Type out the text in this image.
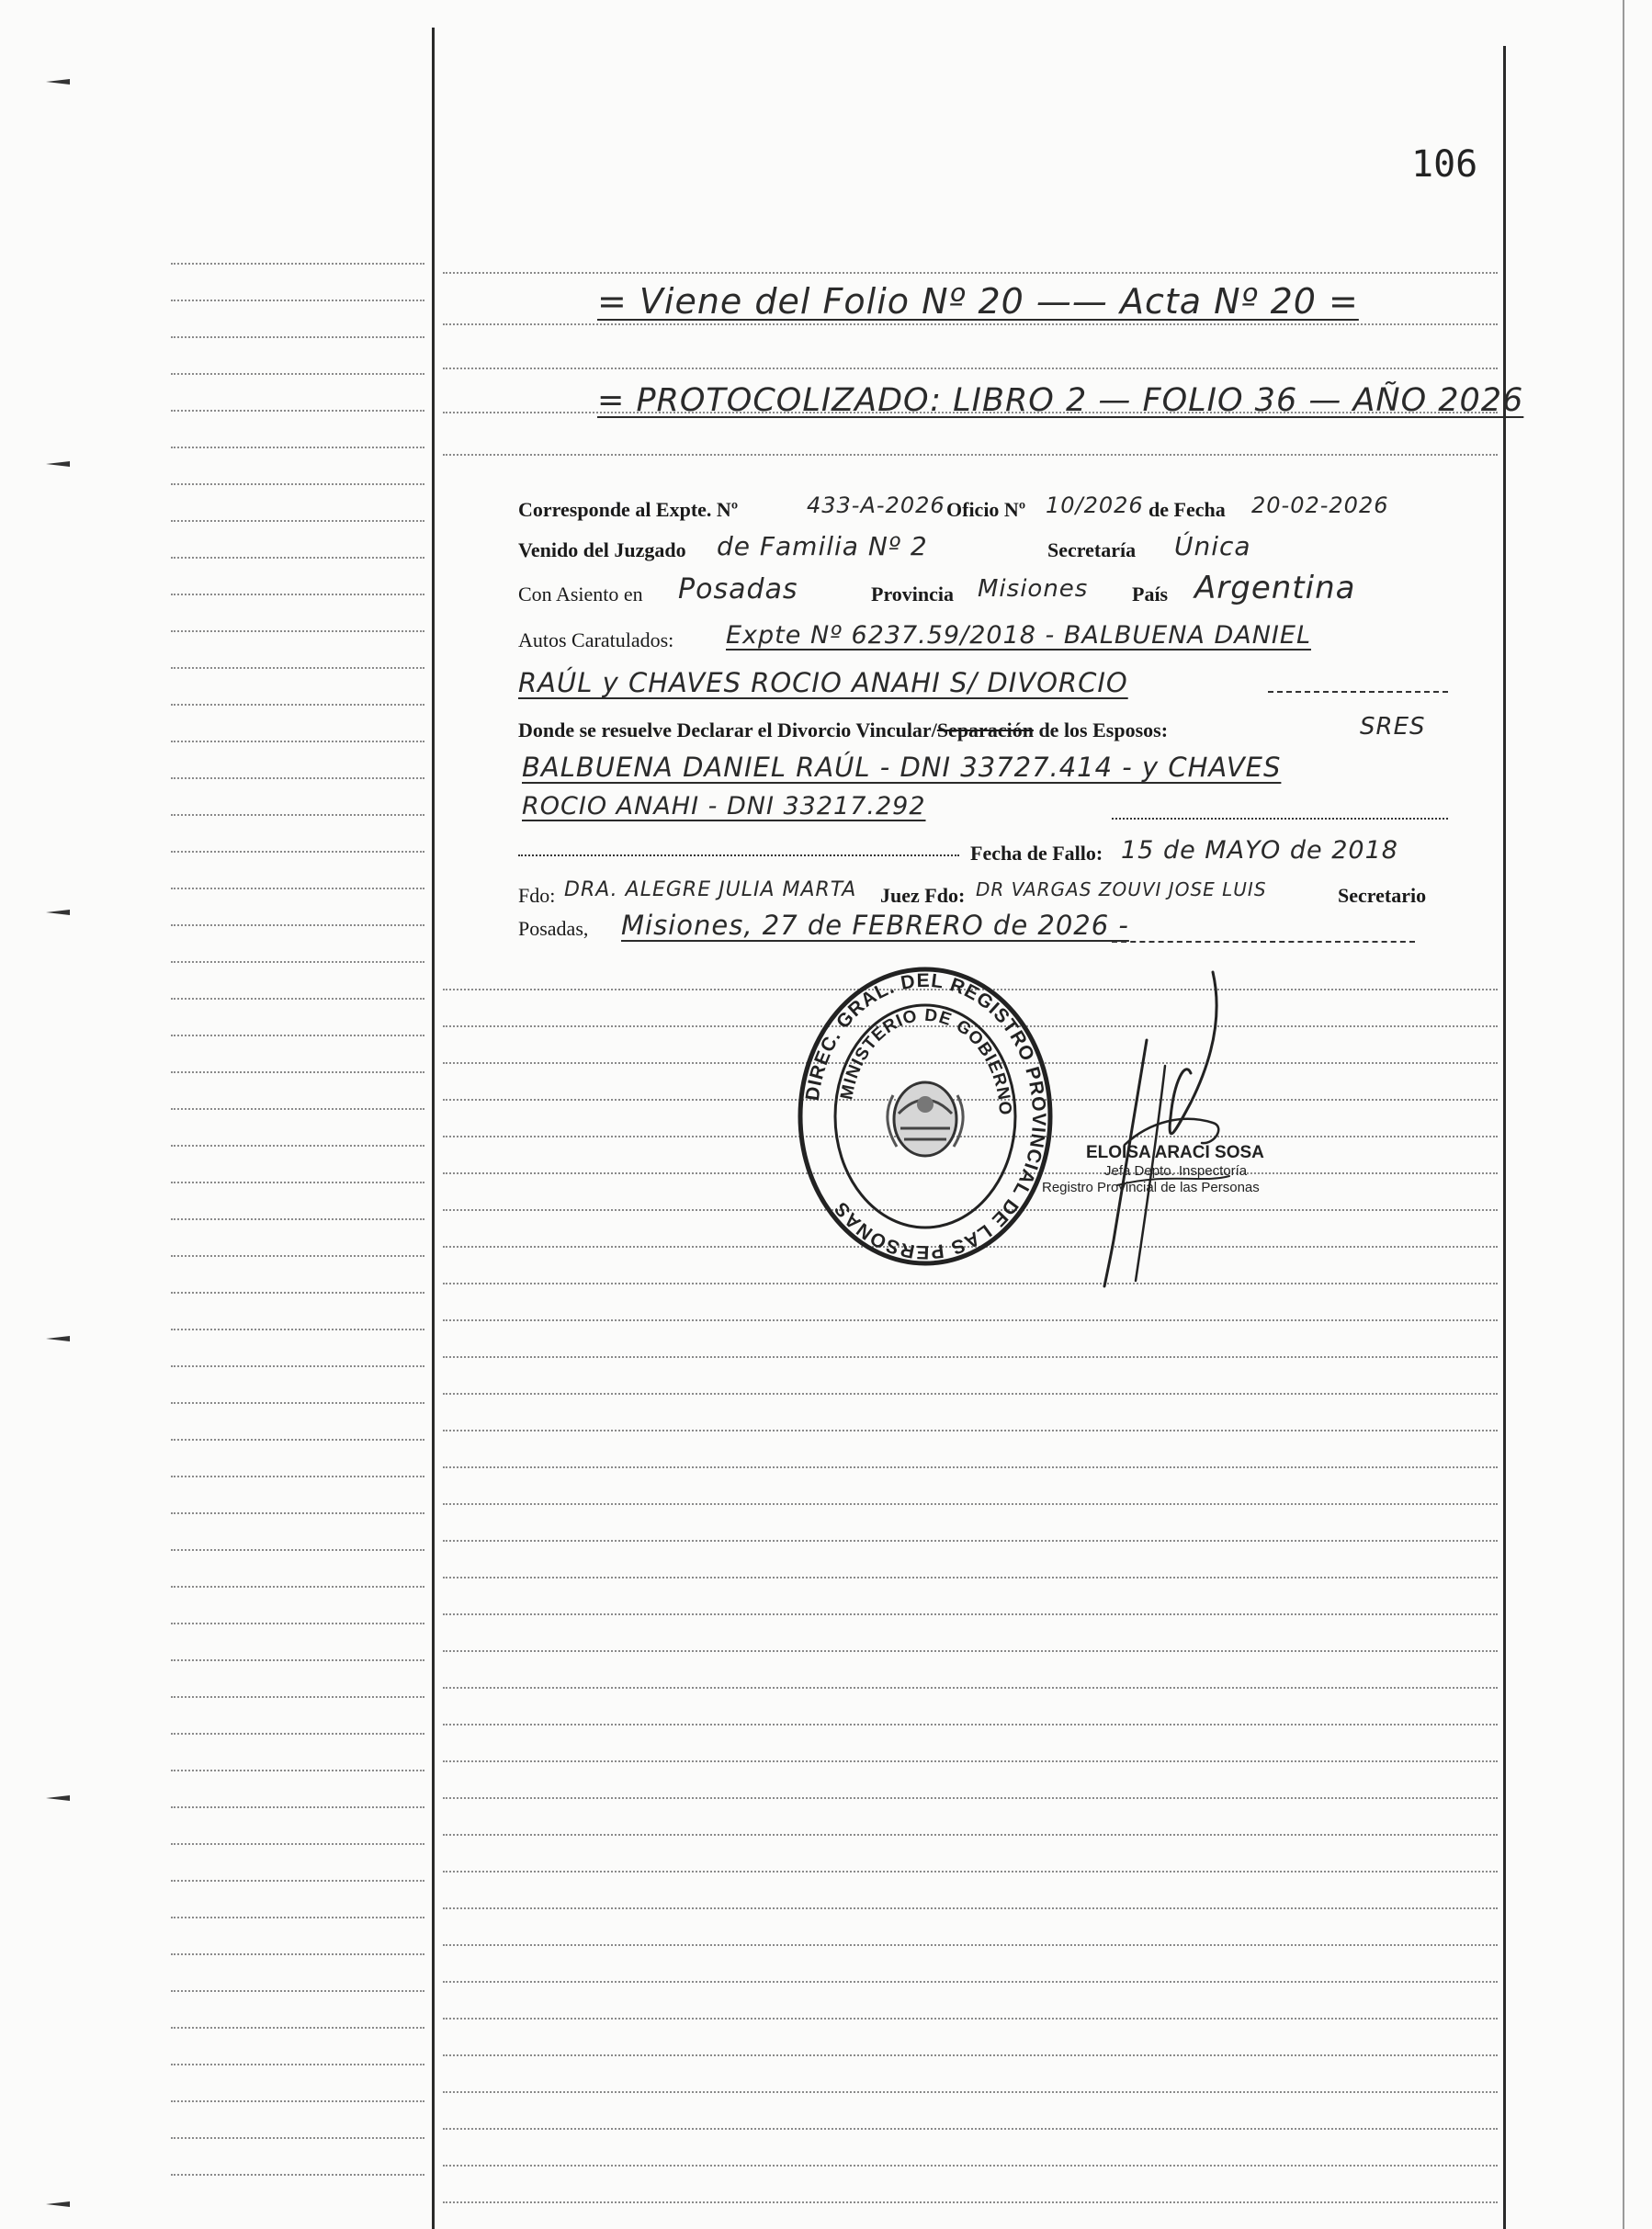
106
= Viene del Folio Nº 20 —— Acta Nº 20 =
= PROTOCOLIZADO: LIBRO 2 — FOLIO 36 — AÑO 2026
Corresponde al Expte. Nº	433-A-2026 Oficio Nº 10/2026 de Fecha 20-02-2026
Venido del Juzgado de Familia Nº 2	Secretaría Única
Con Asiento en Posadas	Provincia Misiones País Argentina
Autos Caratulados: Expte Nº 6237.59/2018 - BALBUENA DANIEL
RAÚL y CHAVES ROCIO ANAHI S/ DIVORCIO
Donde se resuelve Declarar el Divorcio Vincular/Separación de los Esposos:	SRES
BALBUENA DANIEL RAÚL - DNI 33727.414 - y CHAVES
ROCIO ANAHI - DNI 33217.292
Fecha de Fallo: 15 de MAYO de 2018
Fdo: DRA. ALEGRE JULIA MARTA Juez Fdo: DR VARGAS ZOUVI JOSE LUIS	Secretario
Posadas, Misiones, 27 de FEBRERO de 2026 -
DIREC. GRAL. DEL REGISTRO PROVINCIAL DE LAS PERSONAS
MINISTERIO DE GOBIERNO
ELOISA ARACI SOSA
Jefa Depto. Inspectoría
Registro Provincial de las Personas
